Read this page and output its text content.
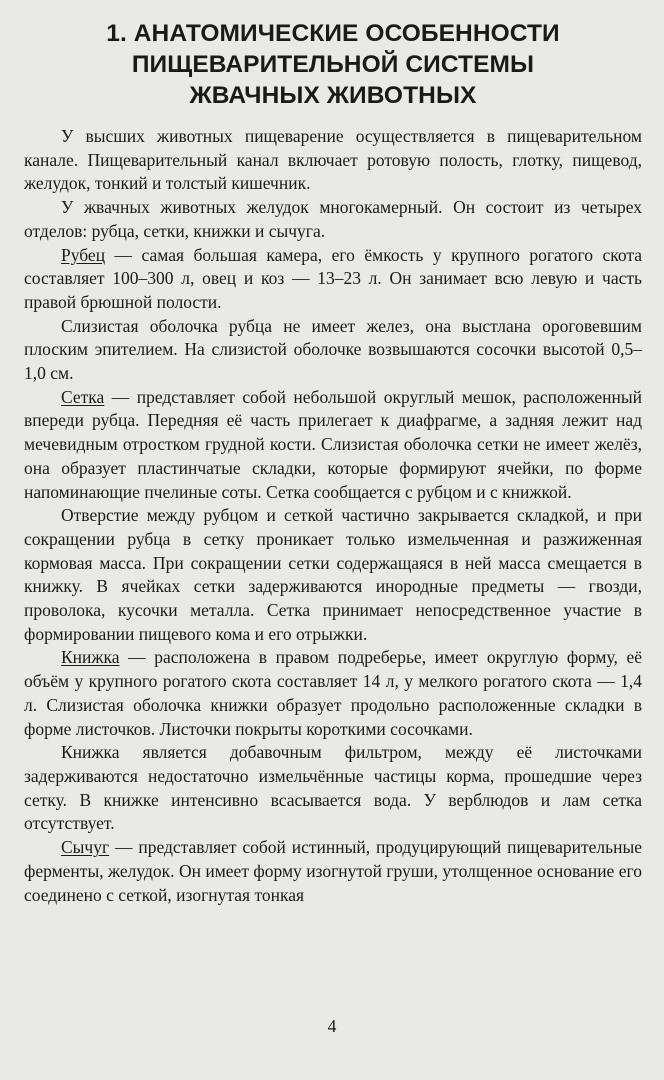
1. АНАТОМИЧЕСКИЕ ОСОБЕННОСТИ
ПИЩЕВАРИТЕЛЬНОЙ СИСТЕМЫ
ЖВАЧНЫХ ЖИВОТНЫХ

У высших животных пищеварение осуществляется в пищеварительном канале. Пищеварительный канал включает ротовую полость, глотку, пищевод, желудок, тонкий и толстый кишечник.

У жвачных животных желудок многокамерный. Он состоит из четырех отделов: рубца, сетки, книжки и сычуга.

Рубец — самая большая камера, его ёмкость у крупного рогатого скота составляет 100–300 л, овец и коз — 13–23 л. Он занимает всю левую и часть правой брюшной полости.

Слизистая оболочка рубца не имеет желез, она выстлана ороговевшим плоским эпителием. На слизистой оболочке возвышаются сосочки высотой 0,5–1,0 см.

Сетка — представляет собой небольшой округлый мешок, расположенный впереди рубца. Передняя её часть прилегает к диафрагме, а задняя лежит над мечевидным отростком грудной кости. Слизистая оболочка сетки не имеет желёз, она образует пластинчатые складки, которые формируют ячейки, по форме напоминающие пчелиные соты. Сетка сообщается с рубцом и с книжкой.

Отверстие между рубцом и сеткой частично закрывается складкой, и при сокращении рубца в сетку проникает только измельченная и разжиженная кормовая масса. При сокращении сетки содержащаяся в ней масса смещается в книжку. В ячейках сетки задерживаются инородные предметы — гвозди, проволока, кусочки металла. Сетка принимает непосредственное участие в формировании пищевого кома и его отрыжки.

Книжка — расположена в правом подреберье, имеет округлую форму, её объём у крупного рогатого скота составляет 14 л, у мелкого рогатого скота — 1,4 л. Слизистая оболочка книжки образует продольно расположенные складки в форме листочков. Листочки покрыты короткими сосочками.

Книжка является добавочным фильтром, между её листочками задерживаются недостаточно измельчённые частицы корма, прошедшие через сетку. В книжке интенсивно всасывается вода. У верблюдов и лам сетка отсутствует.

Сычуг — представляет собой истинный, продуцирующий пищеварительные ферменты, желудок. Он имеет форму изогнутой груши, утолщенное основание его соединено с сеткой, изогнутая тонкая

4
